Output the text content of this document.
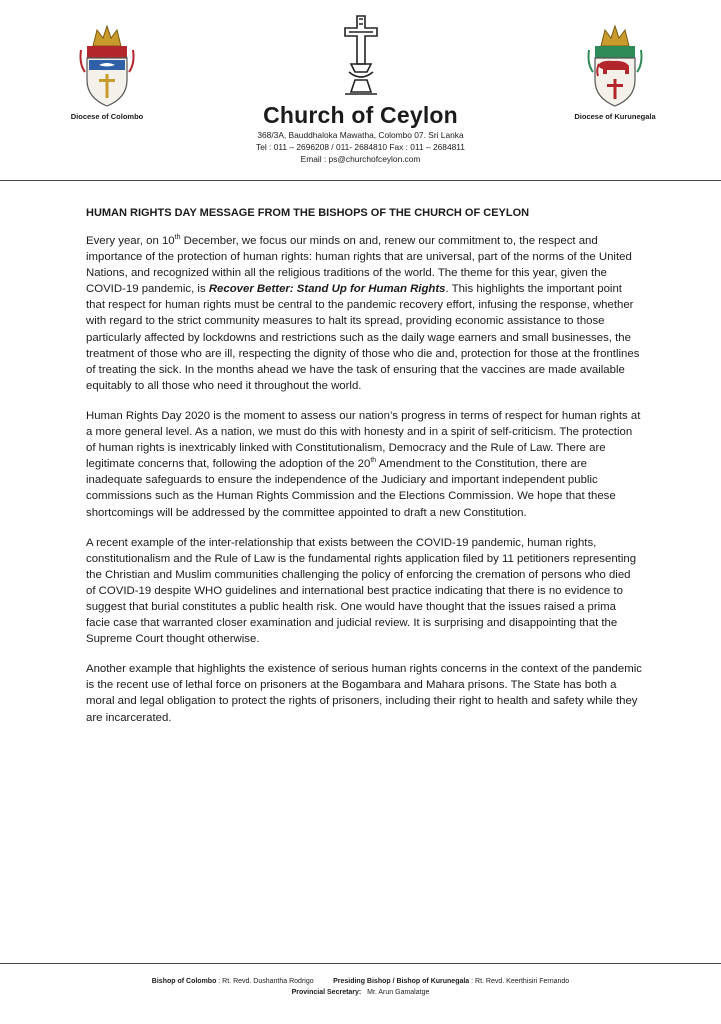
Diocese of Colombo	Church of Ceylon
368/3A, Bauddhaloka Mawatha, Colombo 07. Sri Lanka
Tel : 011 – 2696208 / 011- 2684810 Fax : 011 – 2684811
Email : ps@churchofceylon.com
Diocese of Kurunegala

HUMAN RIGHTS DAY MESSAGE FROM THE BISHOPS OF THE CHURCH OF CEYLON

Every year, on 10th December, we focus our minds on and, renew our commitment to, the respect and importance of the protection of human rights: human rights that are universal, part of the norms of the United Nations, and recognized within all the religious traditions of the world. The theme for this year, given the COVID-19 pandemic, is Recover Better: Stand Up for Human Rights. This highlights the important point that respect for human rights must be central to the pandemic recovery effort, infusing the response, whether with regard to the strict community measures to halt its spread, providing economic assistance to those particularly affected by lockdowns and restrictions such as the daily wage earners and small businesses, the treatment of those who are ill, respecting the dignity of those who die and, protection for those at the frontlines of treating the sick. In the months ahead we have the task of ensuring that the vaccines are made available equitably to all those who need it throughout the world.

Human Rights Day 2020 is the moment to assess our nation’s progress in terms of respect for human rights at a more general level. As a nation, we must do this with honesty and in a spirit of self-criticism. The protection of human rights is inextricably linked with Constitutionalism, Democracy and the Rule of Law. There are legitimate concerns that, following the adoption of the 20th Amendment to the Constitution, there are inadequate safeguards to ensure the independence of the Judiciary and important independent public commissions such as the Human Rights Commission and the Elections Commission. We hope that these shortcomings will be addressed by the committee appointed to draft a new Constitution.

A recent example of the inter-relationship that exists between the COVID-19 pandemic, human rights, constitutionalism and the Rule of Law is the fundamental rights application filed by 11 petitioners representing the Christian and Muslim communities challenging the policy of enforcing the cremation of persons who died of COVID-19 despite WHO guidelines and international best practice indicating that there is no evidence to suggest that burial constitutes a public health risk. One would have thought that the issues raised a prima facie case that warranted closer examination and judicial review. It is surprising and disappointing that the Supreme Court thought otherwise.

Another example that highlights the existence of serious human rights concerns in the context of the pandemic is the recent use of lethal force on prisoners at the Bogambara and Mahara prisons. The State has both a moral and legal obligation to protect the rights of prisoners, including their right to health and safety while they are incarcerated.

Bishop of Colombo : Rt. Revd. Dushantha Rodrigo	Presiding Bishop / Bishop of Kurunegala : Rt. Revd. Keerthisiri Fernando
Provincial Secretary: Mr. Arun Gamalatge
